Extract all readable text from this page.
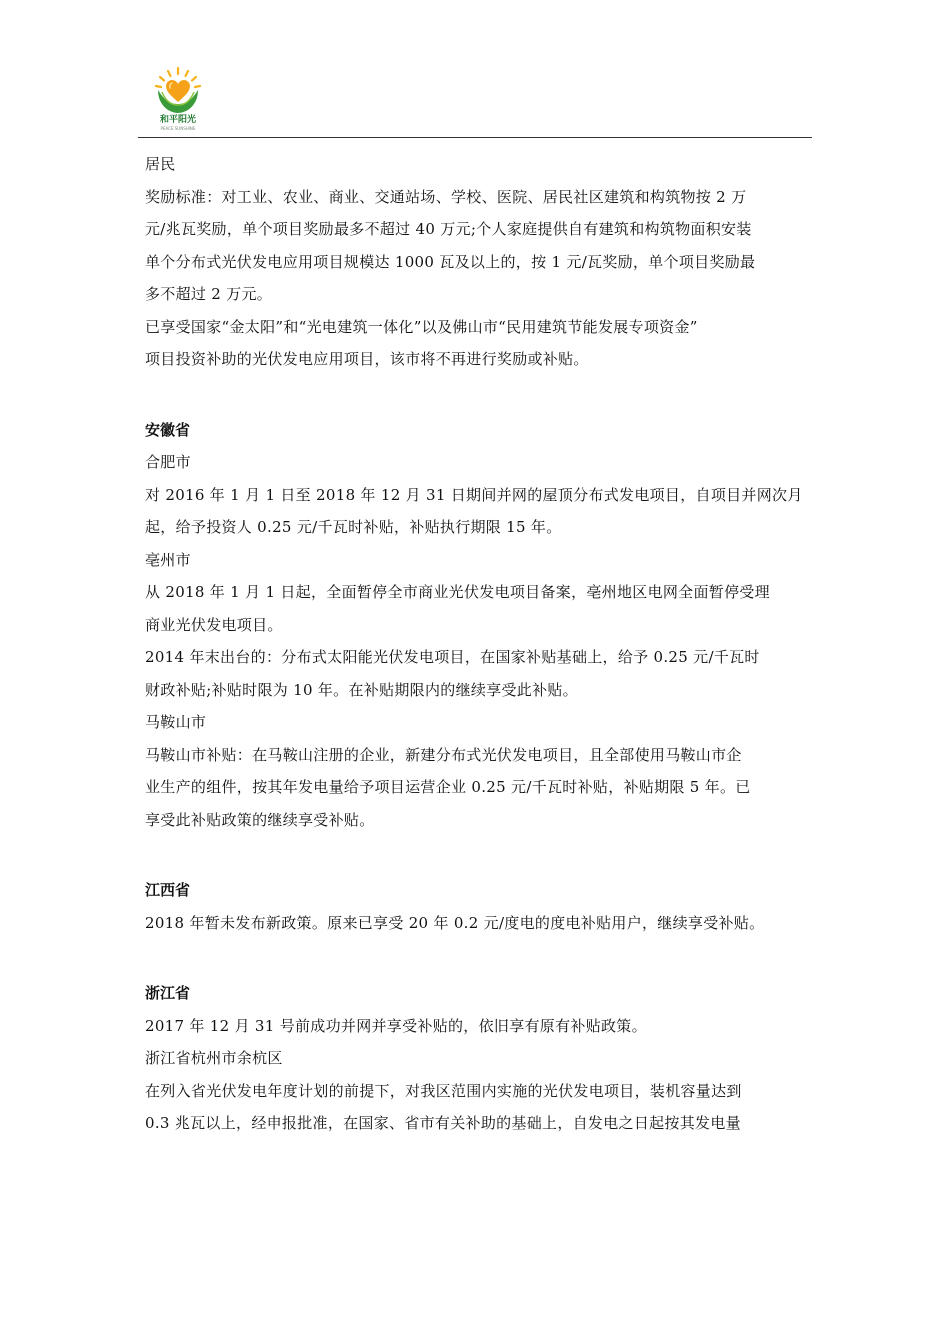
和平阳光
PEACE SUNSHINE

居民

奖励标准：对工业、农业、商业、交通站场、学校、医院、居民社区建筑和构筑物按 2 万

元/兆瓦奖励，单个项目奖励最多不超过 40 万元;个人家庭提供自有建筑和构筑物面积安装

单个分布式光伏发电应用项目规模达 1000 瓦及以上的，按 1 元/瓦奖励，单个项目奖励最

多不超过 2 万元。

已享受国家“金太阳”和“光电建筑一体化”以及佛山市“民用建筑节能发展专项资金”

项目投资补助的光伏发电应用项目，该市将不再进行奖励或补贴。

安徽省

合肥市

对 2016 年 1 月 1 日至 2018 年 12 月 31 日期间并网的屋顶分布式发电项目，自项目并网次月

起，给予投资人 0.25 元/千瓦时补贴，补贴执行期限 15 年。

亳州市

从 2018 年 1 月 1 日起，全面暂停全市商业光伏发电项目备案，亳州地区电网全面暂停受理

商业光伏发电项目。

2014 年末出台的：分布式太阳能光伏发电项目，在国家补贴基础上，给予 0.25 元/千瓦时

财政补贴;补贴时限为 10 年。在补贴期限内的继续享受此补贴。

马鞍山市

马鞍山市补贴：在马鞍山注册的企业，新建分布式光伏发电项目，且全部使用马鞍山市企

业生产的组件，按其年发电量给予项目运营企业 0.25 元/千瓦时补贴，补贴期限 5 年。已

享受此补贴政策的继续享受补贴。

江西省

2018 年暂未发布新政策。原来已享受 20 年 0.2 元/度电的度电补贴用户，继续享受补贴。

浙江省

2017 年 12 月 31 号前成功并网并享受补贴的，依旧享有原有补贴政策。

浙江省杭州市余杭区

在列入省光伏发电年度计划的前提下，对我区范围内实施的光伏发电项目，装机容量达到

0.3 兆瓦以上，经申报批准，在国家、省市有关补助的基础上，自发电之日起按其发电量
